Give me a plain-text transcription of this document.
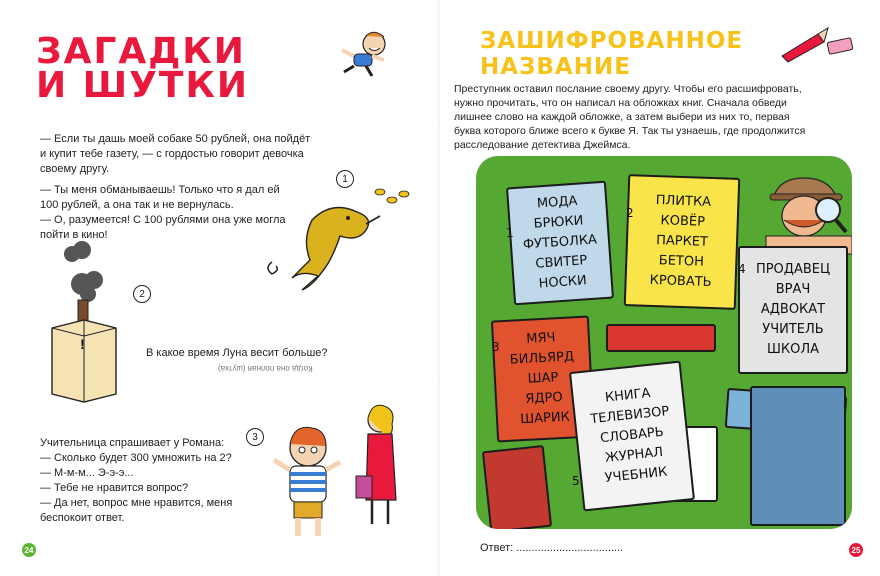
ЗАГАДКИ
И ШУТКИ
— Если ты дашь моей собаке 50 рублей, она пойдёт
и купит тебе газету, — с гордостью говорит девочка
своему другу.
— Ты меня обманываешь! Только что я дал ей
100 рублей, а она так и не вернулась.
— О, разумеется! С 100 рублями она уже могла
пойти в кино!
1
2
!
В какое время Луна весит больше?
Когда она полная (шутка)
3
Учительница спрашивает у Романа:
— Сколько будет 300 умножить на 2?
— М-м-м... Э-э-э...
— Тебе не нравится вопрос?
— Да нет, вопрос мне нравится, меня
беспокоит ответ.
24
ЗАШИФРОВАННОЕ
НАЗВАНИЕ
Преступник оставил послание своему другу. Чтобы его расшифровать,
нужно прочитать, что он написал на обложках книг. Сначала обведи
лишнее слово на каждой обложке, а затем выбери из них то, первая
буква которого ближе всего к букве Я. Так ты узнаешь, где продолжится
расследование детектива Джеймса.
МОДА
БРЮКИ
ФУТБОЛКА
СВИТЕР
НОСКИ
1
ПЛИТКА
КОВЁР
ПАРКЕТ
БЕТОН
КРОВАТЬ
2
ПРОДАВЕЦ
ВРАЧ
АДВОКАТ
УЧИТЕЛЬ
ШКОЛА
4
МЯЧ
БИЛЬЯРД
ШАР
ЯДРО
ШАРИК
3
КНИГА
ТЕЛЕВИЗОР
СЛОВАРЬ
ЖУРНАЛ
УЧЕБНИК
5
Ответ: ...................................	25
